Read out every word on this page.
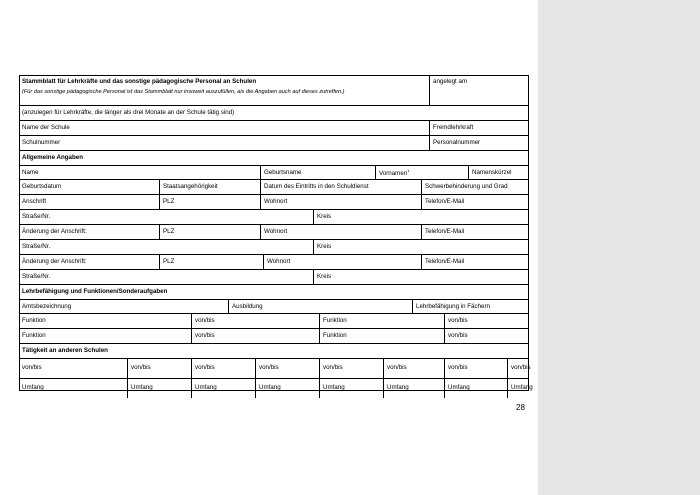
Stammblatt für Lehrkräfte und das sonstige pädagogische Personal an Schulen
(Für das sonstige pädagogische Personal ist das Stammblatt nur insoweit auszufüllen, als die Angaben auch auf dieses zutreffen.)
angelegt am
(anzulegen für Lehrkräfte, die länger als drei Monate an der Schule tätig sind)
Name der Schule	Fremdlehrkraft
Schulnummer	Personalnummer
Allgemeine Angaben
Name	Geburtsname	Vornamen$^1$	Namenskürzel
Geburtsdatum	Staatsangehörigkeit	Datum des Eintritts in den Schuldienst	Schwerbehinderung und Grad
Anschrift	PLZ	Wohnort	Telefon/E-Mail
Straße/Nr.	Kreis
Änderung der Anschrift:	PLZ	Wohnort	Telefon/E-Mail
Straße/Nr.	Kreis
Änderung der Anschrift:	PLZ	Wohnort	Telefon/E-Mail
Straße/Nr.	Kreis
Lehrbefähigung und Funktionen/Sonderaufgaben
Amtsbezeichnung	Ausbildung	Lehrbefähigung in Fächern
Funktion	von/bis	Funktion	von/bis
Funktion	von/bis	Funktion	von/bis
Tätigkeit an anderen Schulen
von/bis	von/bis	von/bis	von/bis	von/bis	von/bis	von/bis	von/bis
Umfang	Umfang	Umfang	Umfang	Umfang	Umfang	Umfang	Umfang
28
